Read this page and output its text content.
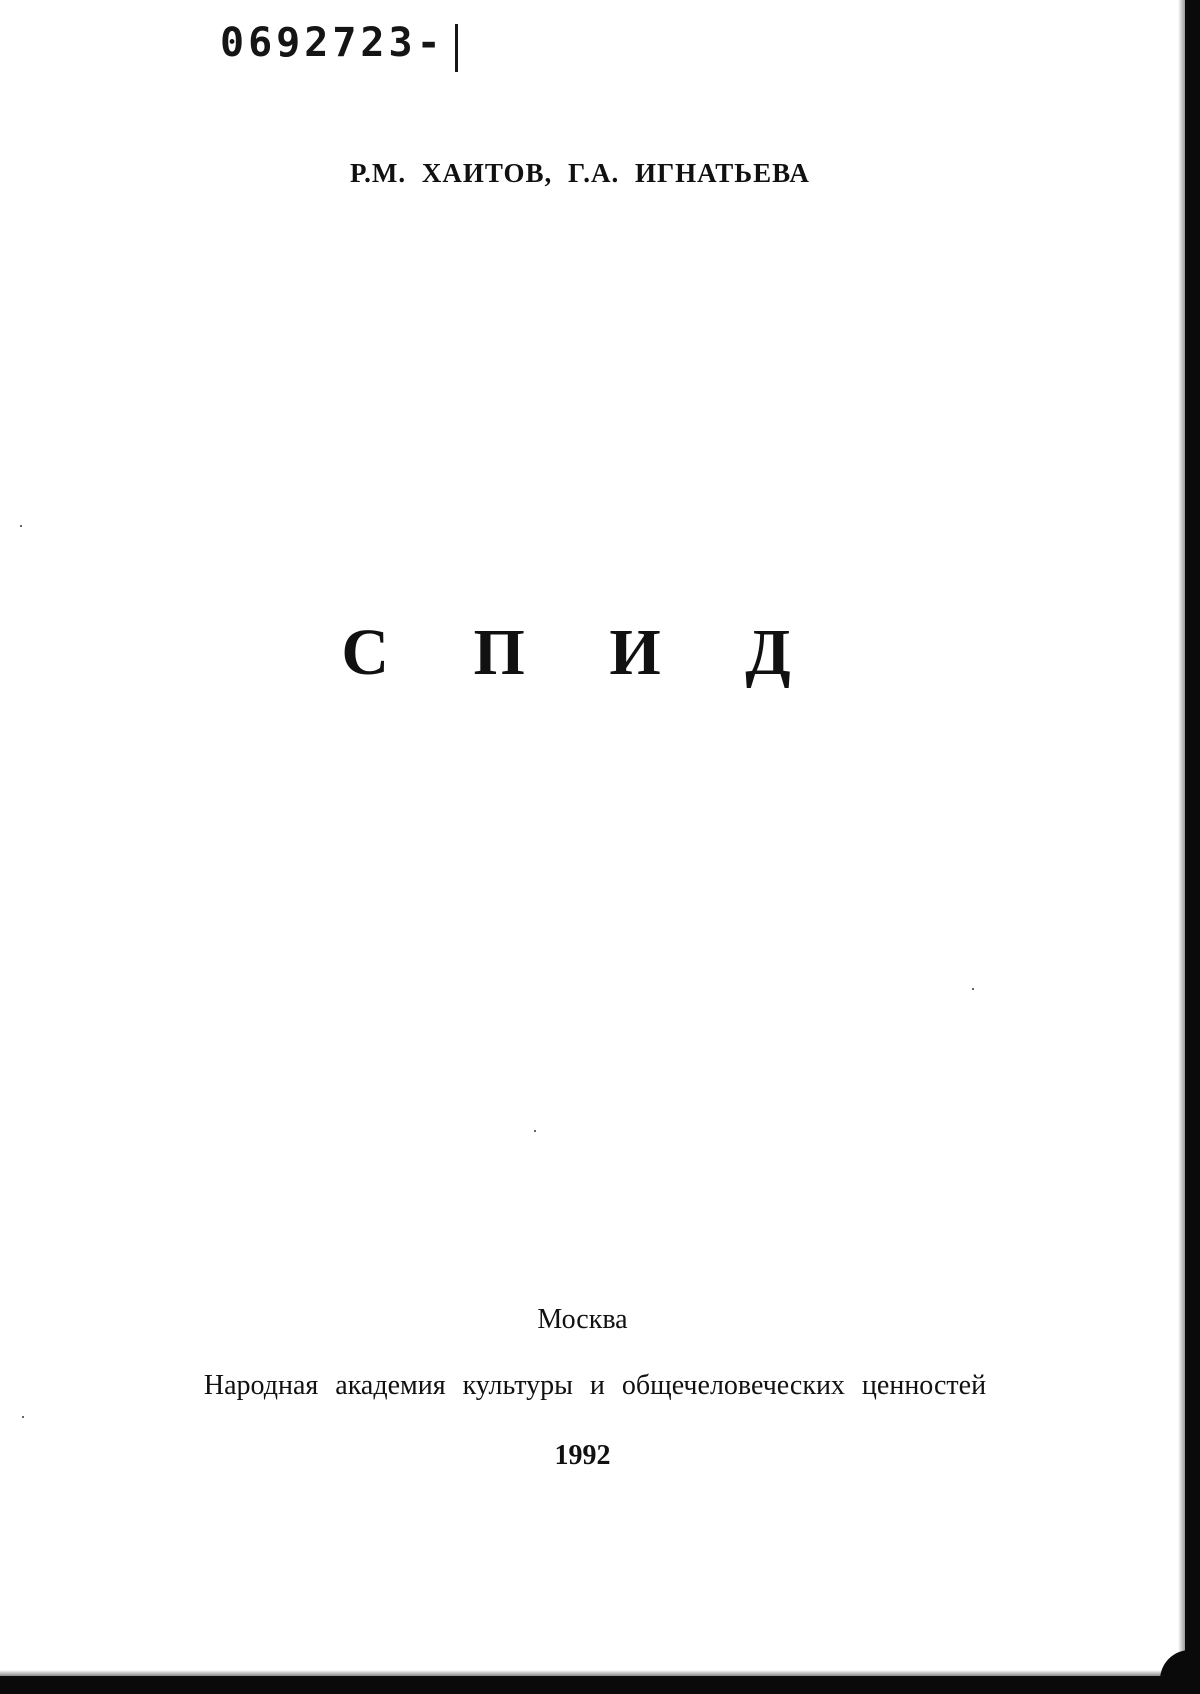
0692723-
Р.М. ХАИТОВ, Г.А. ИГНАТЬЕВА
С П И Д
Москва
Народная академия культуры и общечеловеческих ценностей
1992
